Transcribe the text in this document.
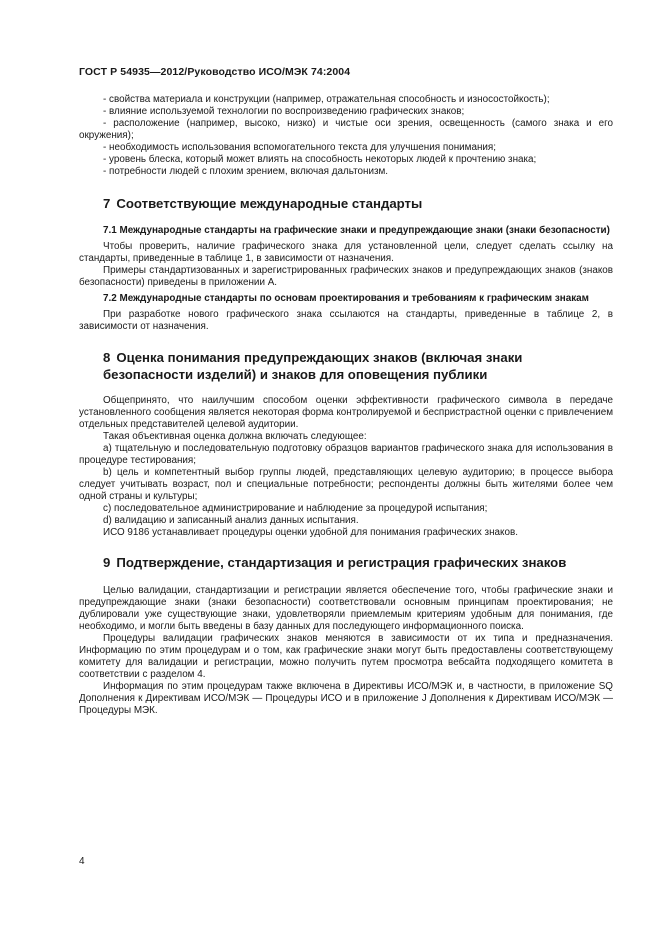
ГОСТ Р 54935—2012/Руководство ИСО/МЭК 74:2004

- свойства материала и конструкции (например, отражательная способность и износостойкость);

- влияние используемой технологии по воспроизведению графических знаков;

- расположение (например, высоко, низко) и чистые оси зрения, освещенность (самого знака и его окружения);

- необходимость использования вспомогательного текста для улучшения понимания;

- уровень блеска, который может влиять на способность некоторых людей к прочтению знака;

- потребности людей с плохим зрением, включая дальтонизм.

7 Соответствующие международные стандарты
7.1 Международные стандарты на графические знаки и предупреждающие знаки (знаки безопасности)

Чтобы проверить, наличие графического знака для установленной цели, следует сделать ссылку на стандарты, приведенные в таблице 1, в зависимости от назначения.

Примеры стандартизованных и зарегистрированных графических знаков и предупреждающих знаков (знаков безопасности) приведены в приложении А.

7.2 Международные стандарты по основам проектирования и требованиям к графическим знакам

При разработке нового графического знака ссылаются на стандарты, приведенные в таблице 2, в зависимости от назначения.

8 Оценка понимания предупреждающих знаков (включая знаки безопасности изделий) и знаков для оповещения публики

Общепринято, что наилучшим способом оценки эффективности графического символа в передаче установленного сообщения является некоторая форма контролируемой и беспристрастной оценки с привлечением отдельных представителей целевой аудитории.

Такая объективная оценка должна включать следующее:

а) тщательную и последовательную подготовку образцов вариантов графического знака для использования в процедуре тестирования;

b) цель и компетентный выбор группы людей, представляющих целевую аудиторию; в процессе выбора следует учитывать возраст, пол и специальные потребности; респонденты должны быть жителями более чем одной страны и культуры;

с) последовательное администрирование и наблюдение за процедурой испытания;

d) валидацию и записанный анализ данных испытания.

ИСО 9186 устанавливает процедуры оценки удобной для понимания графических знаков.

9 Подтверждение, стандартизация и регистрация графических знаков

Целью валидации, стандартизации и регистрации является обеспечение того, чтобы графические знаки и предупреждающие знаки (знаки безопасности) соответствовали основным принципам проектирования; не дублировали уже существующие знаки, удовлетворяли приемлемым критериям удобным для понимания, где необходимо, и могли быть введены в базу данных для последующего информационного поиска.

Процедуры валидации графических знаков меняются в зависимости от их типа и предназначения. Информацию по этим процедурам и о том, как графические знаки могут быть предоставлены соответствующему комитету для валидации и регистрации, можно получить путем просмотра вебсайта подходящего комитета в соответствии с разделом 4.

Информация по этим процедурам также включена в Директивы ИСО/МЭК и, в частности, в приложение SQ Дополнения к Директивам ИСО/МЭК — Процедуры ИСО и в приложение J Дополнения к Директивам ИСО/МЭК — Процедуры МЭК.

4
